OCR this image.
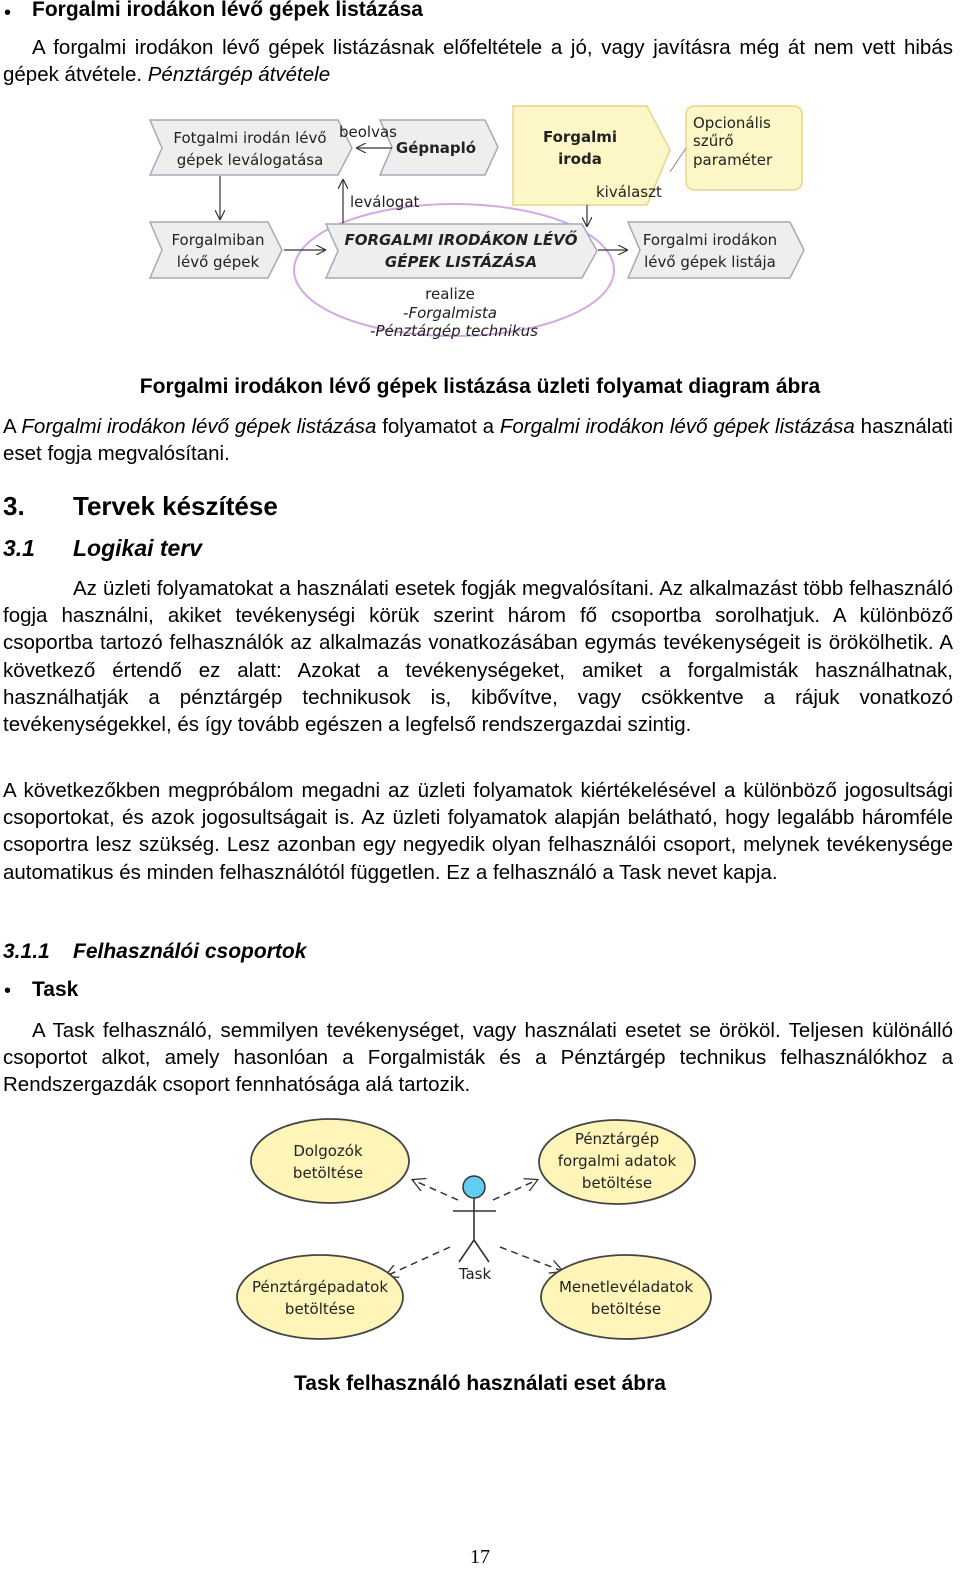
• Forgalmi irodákon lévő gépek listázása

A forgalmi irodákon lévő gépek listázásnak előfeltétele a jó, vagy javításra még át nem vett hibás gépek átvétele. Pénztárgép átvétele

Fotgalmi irodán lévő
gépek leválogatása
Gépnapló
beolvas	Forgalmi
iroda
kiválaszt
Opcionális
szűrő
paraméter
leválogat
Forgalmiban
lévő gépek
FORGALMI IRODÁKON LÉVŐ
GÉPEK LISTÁZÁSA
Forgalmi irodákon
lévő gépek listája
realize
-Forgalmista
-Pénztárgép technikus
Forgalmi irodákon lévő gépek listázása üzleti folyamat diagram ábra

A Forgalmi irodákon lévő gépek listázása folyamatot a Forgalmi irodákon lévő gépek listázása használati eset fogja megvalósítani.

3. Tervek készítése
3.1 Logikai terv

Az üzleti folyamatokat a használati esetek fogják megvalósítani. Az alkalmazást több felhasználó fogja használni, akiket tevékenységi körük szerint három fő csoportba sorolhatjuk. A különböző csoportba tartozó felhasználók az alkalmazás vonatkozásában egymás tevékenységeit is örökölhetik. A következő értendő ez alatt: Azokat a tevékenységeket, amiket a forgalmisták használhatnak, használhatják a pénztárgép technikusok is, kibővítve, vagy csökkentve a rájuk vonatkozó tevékenységekkel, és így tovább egészen a legfelső rendszergazdai szintig.

A következőkben megpróbálom megadni az üzleti folyamatok kiértékelésével a különböző jogosultsági csoportokat, és azok jogosultságait is. Az üzleti folyamatok alapján belátható, hogy legalább háromféle csoportra lesz szükség. Lesz azonban egy negyedik olyan felhasználói csoport, melynek tevékenysége automatikus és minden felhasználótól független. Ez a felhasználó a Task nevet kapja.

3.1.1 Felhasználói csoportok
• Task

A Task felhasználó, semmilyen tevékenységet, vagy használati esetet se örököl. Teljesen különálló csoportot alkot, amely hasonlóan a Forgalmisták és a Pénztárgép technikus felhasználókhoz a Rendszergazdák csoport fennhatósága alá tartozik.

Dolgozók
betöltése
Pénztárgép
forgalmi adatok
betöltése
Pénztárgépadatok
betöltése
Menetlevéladatok
betöltése
Task
Task felhasználó használati eset ábra
17
